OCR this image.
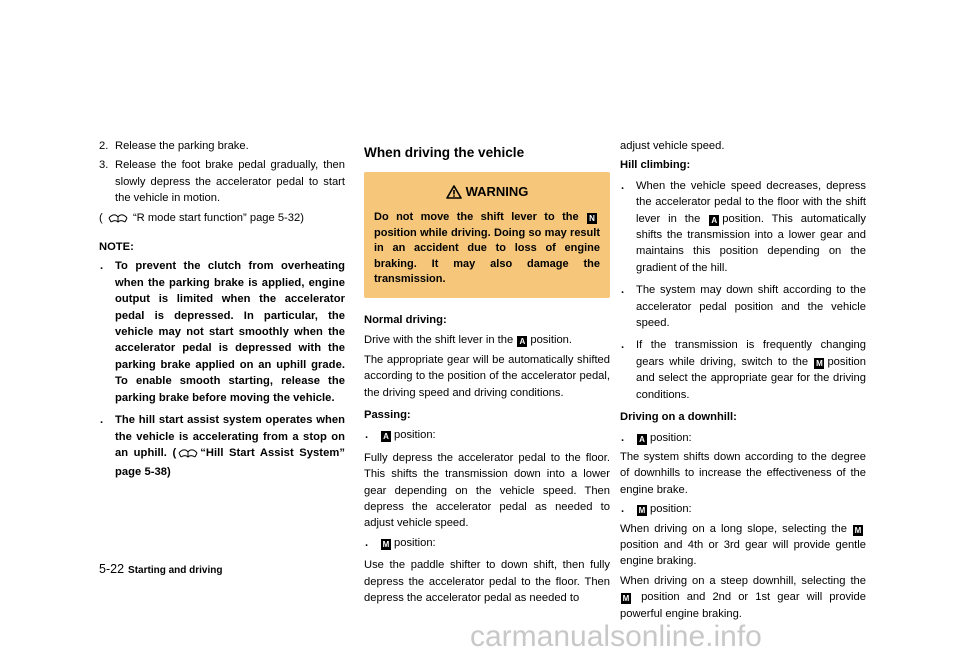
2. Release the parking brake.
3. Release the foot brake pedal gradually, then slowly depress the accelerator pedal to start the vehicle in motion.
(	“R mode start function” page 5-32)
NOTE:
. To prevent the clutch from overheating when the parking brake is applied, engine output is limited when the accelerator pedal is depressed. In particular, the vehicle may not start smoothly when the accelerator pedal is depressed with the parking brake applied on an uphill grade. To enable smooth starting, release the parking brake before moving the vehicle.
. The hill start assist system operates when the vehicle is accelerating from a stop on an uphill. ( “Hill Start Assist System” page 5-38)
When driving the vehicle
WARNING
Do not move the shift lever to the N position while driving. Doing so may result in an accident due to loss of engine braking. It may also damage the transmission.
Normal driving:
Drive with the shift lever in the A position.
The appropriate gear will be automatically shifted according to the position of the accelerator pedal, the driving speed and driving conditions.
Passing:
. A position:
Fully depress the accelerator pedal to the floor. This shifts the transmission down into a lower gear depending on the vehicle speed. Then depress the accelerator pedal as needed to adjust vehicle speed.
. M position:
Use the paddle shifter to down shift, then fully depress the accelerator pedal to the floor. Then depress the accelerator pedal as needed to
adjust vehicle speed.
Hill climbing:
. When the vehicle speed decreases, depress the accelerator pedal to the floor with the shift lever in the A position. This automatically shifts the transmission into a lower gear and maintains this position depending on the gradient of the hill.
. The system may down shift according to the accelerator pedal position and the vehicle speed.
. If the transmission is frequently changing gears while driving, switch to the M position and select the appropriate gear for the driving conditions.
Driving on a downhill:
. A position:
The system shifts down according to the degree of downhills to increase the effectiveness of the engine brake.
. M position:
When driving on a long slope, selecting the M position and 4th or 3rd gear will provide gentle engine braking.
When driving on a steep downhill, selecting the M position and 2nd or 1st gear will provide powerful engine braking.
5-22 Starting and driving
carmanualsonline.info
